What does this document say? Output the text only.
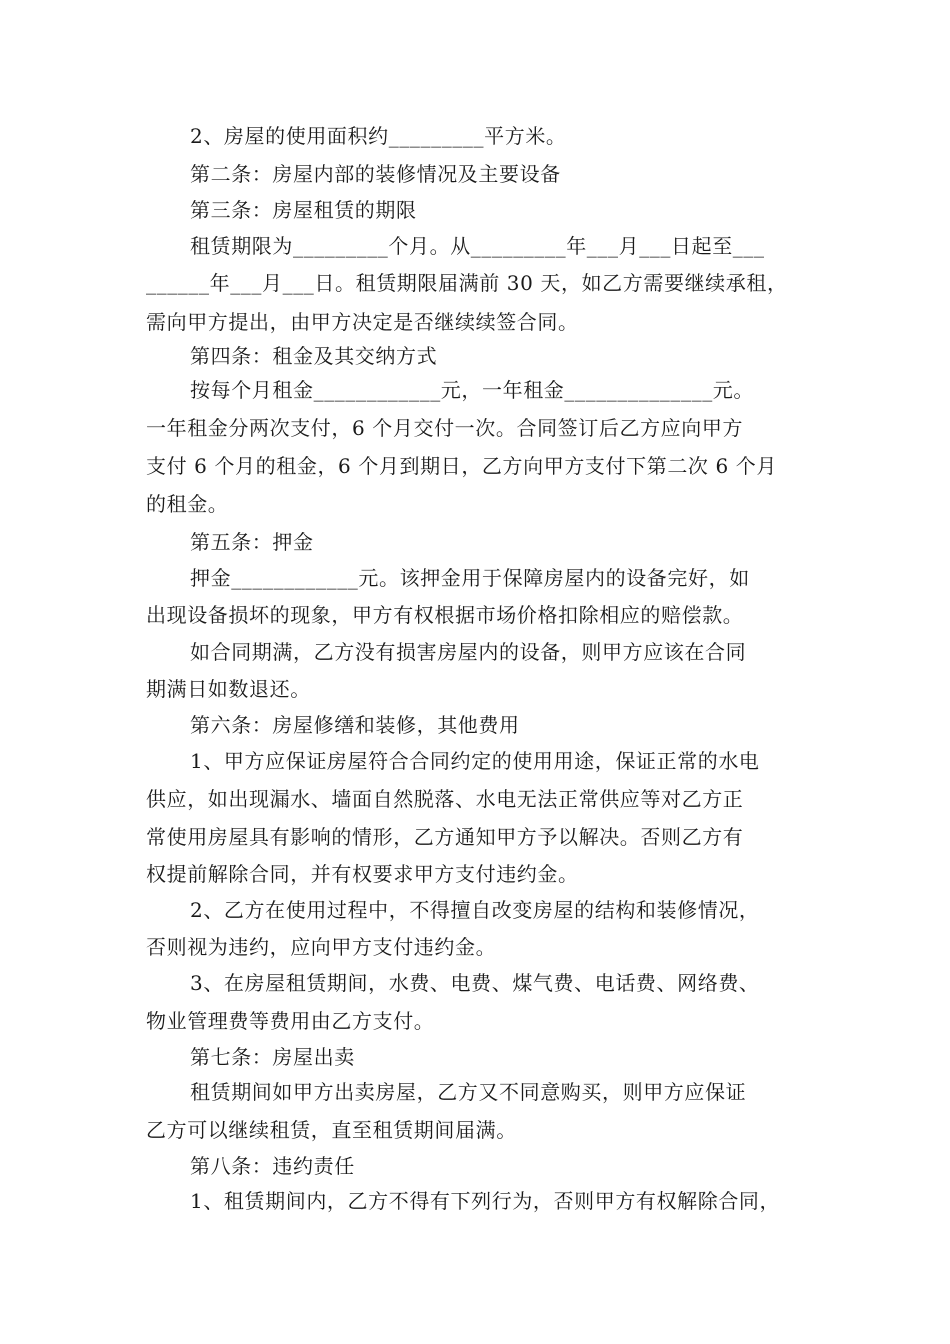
2、房屋的使用面积约_________平方米。
第二条：房屋内部的装修情况及主要设备
第三条：房屋租赁的期限
租赁期限为_________个月。从_________年___月___日起至___
______年___月___日。租赁期限届满前 30 天，如乙方需要继续承租，
需向甲方提出，由甲方决定是否继续续签合同。
第四条：租金及其交纳方式
按每个月租金____________元，一年租金______________元。
一年租金分两次支付，6 个月交付一次。合同签订后乙方应向甲方
支付 6 个月的租金，6 个月到期日，乙方向甲方支付下第二次 6 个月
的租金。
第五条：押金
押金____________元。该押金用于保障房屋内的设备完好，如
出现设备损坏的现象，甲方有权根据市场价格扣除相应的赔偿款。
如合同期满，乙方没有损害房屋内的设备，则甲方应该在合同
期满日如数退还。
第六条：房屋修缮和装修，其他费用
1、甲方应保证房屋符合合同约定的使用用途，保证正常的水电
供应，如出现漏水、墙面自然脱落、水电无法正常供应等对乙方正
常使用房屋具有影响的情形，乙方通知甲方予以解决。否则乙方有
权提前解除合同，并有权要求甲方支付违约金。
2、乙方在使用过程中，不得擅自改变房屋的结构和装修情况，
否则视为违约，应向甲方支付违约金。
3、在房屋租赁期间，水费、电费、煤气费、电话费、网络费、
物业管理费等费用由乙方支付。
第七条：房屋出卖
租赁期间如甲方出卖房屋，乙方又不同意购买，则甲方应保证
乙方可以继续租赁，直至租赁期间届满。
第八条：违约责任
1、租赁期间内，乙方不得有下列行为，否则甲方有权解除合同，
